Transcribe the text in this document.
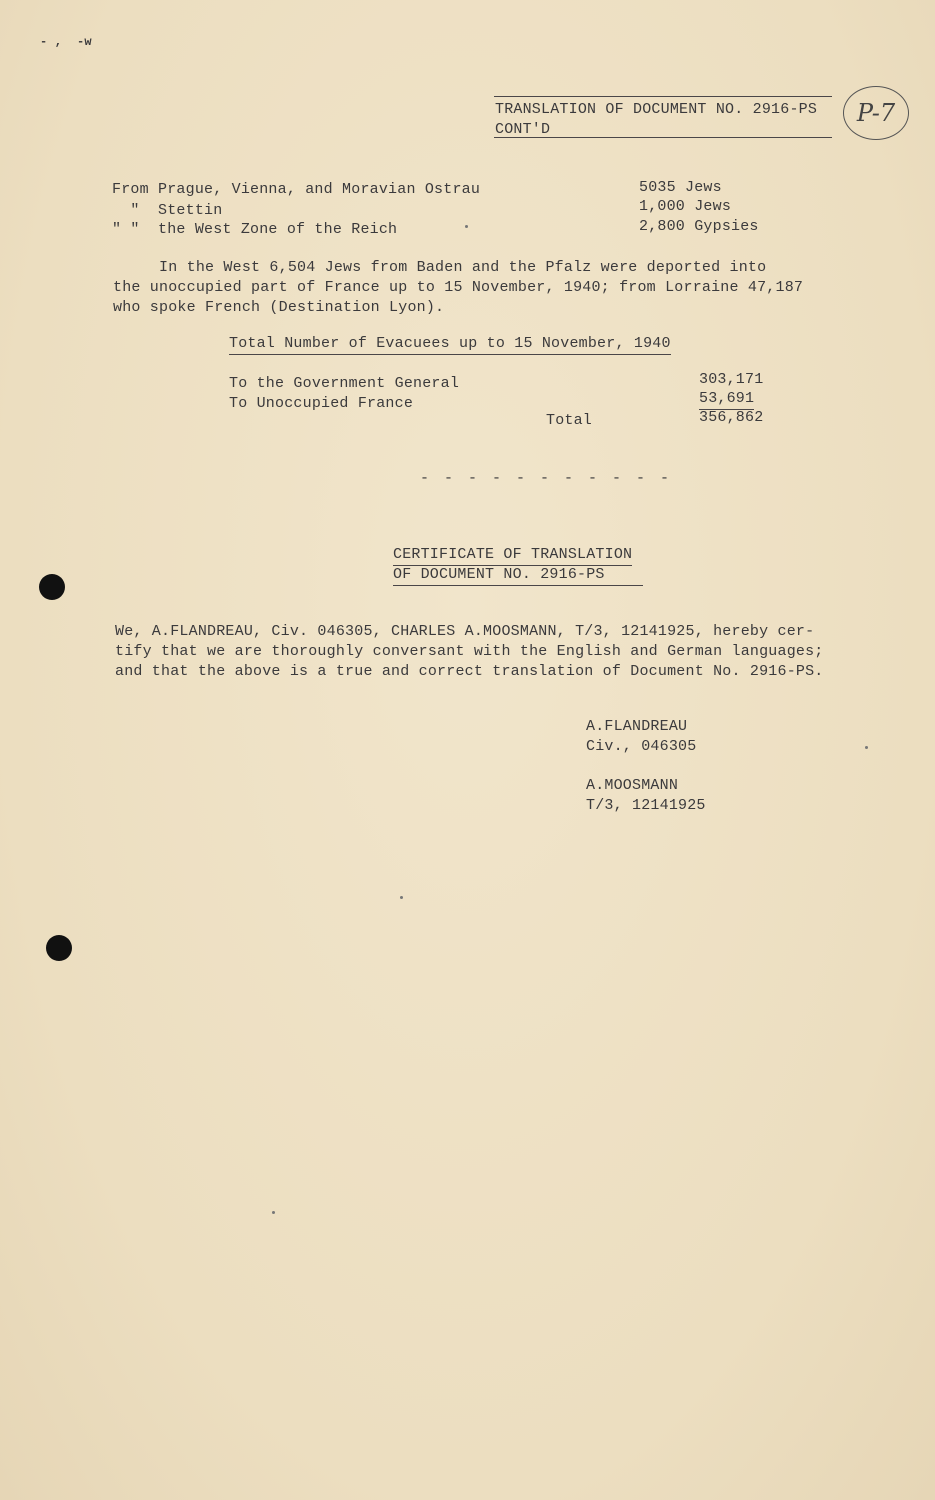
- ,  -w
TRANSLATION OF DOCUMENT NO. 2916-PS
CONT'D
P-7
From Prague, Vienna, and Moravian Ostrau	5035 Jews
"  Stettin	1,000 Jews
" "  the West Zone of the Reich	2,800 Gypsies
In the West 6,504 Jews from Baden and the Pfalz were deported into
the unoccupied part of France up to 15 November, 1940; from Lorraine 47,187
who spoke French (Destination Lyon).
Total Number of Evacuees up to 15 November, 1940
To the Government General	303,171
To Unoccupied France	53,691
Total	356,862
- - - - - - - - - - -
CERTIFICATE OF TRANSLATION
OF DOCUMENT NO. 2916-PS
We, A.FLANDREAU, Civ. 046305, CHARLES A.MOOSMANN, T/3, 12141925, hereby cer-
tify that we are thoroughly conversant with the English and German languages;
and that the above is a true and correct translation of Document No. 2916-PS.
A.FLANDREAU
Civ., 046305
A.MOOSMANN
T/3, 12141925
